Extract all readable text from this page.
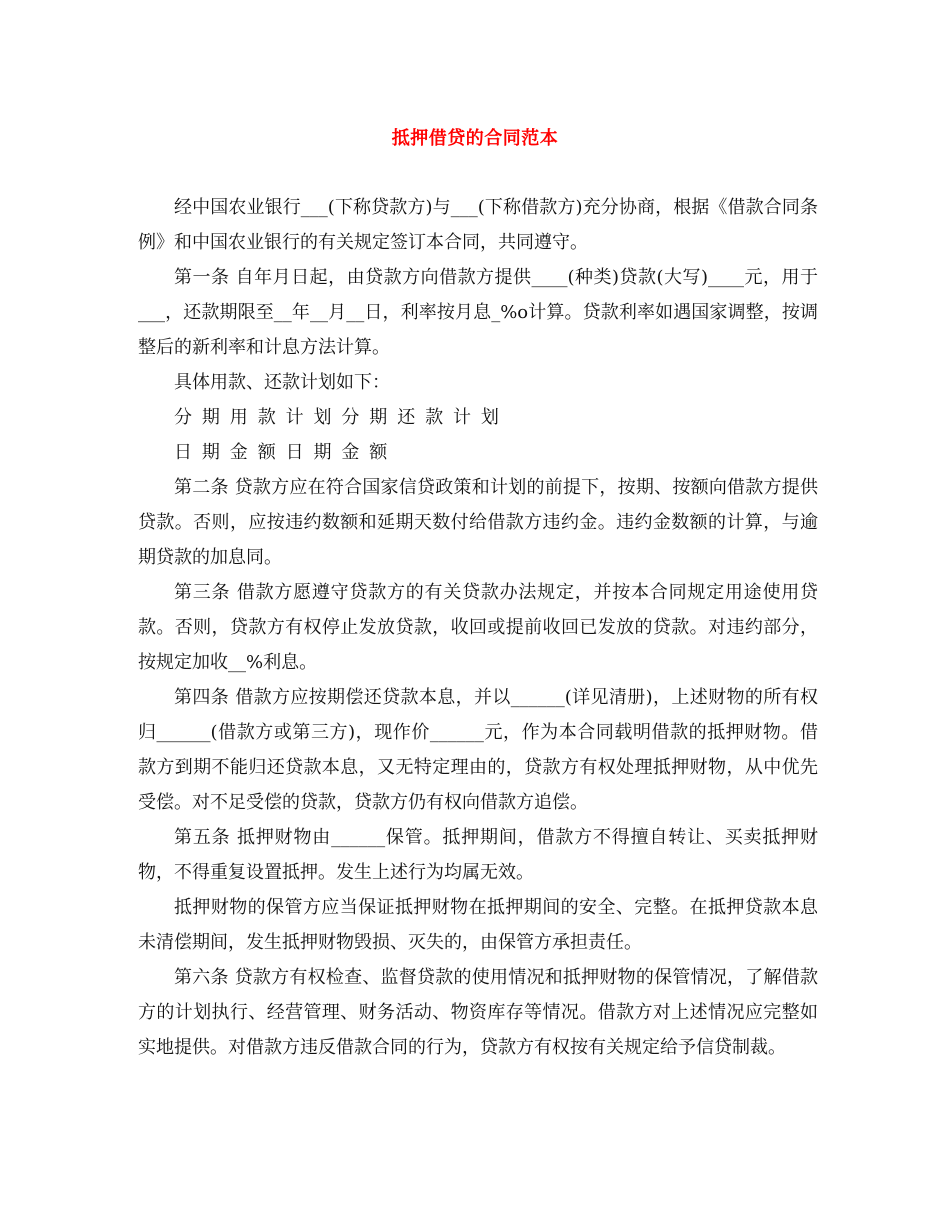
抵押借贷的合同范本

经中国农业银行___(下称贷款方)与___(下称借款方)充分协商，根据《借款合同条例》和中国农业银行的有关规定签订本合同，共同遵守。

第一条 自年月日起，由贷款方向借款方提供____(种类)贷款(大写)____元，用于___，还款期限至__年__月__日，利率按月息_%o计算。贷款利率如遇国家调整，按调整后的新利率和计息方法计算。

具体用款、还款计划如下：

分期用款计划分期还款计划

日期金额日期金额

第二条 贷款方应在符合国家信贷政策和计划的前提下，按期、按额向借款方提供贷款。否则，应按违约数额和延期天数付给借款方违约金。违约金数额的计算，与逾期贷款的加息同。

第三条 借款方愿遵守贷款方的有关贷款办法规定，并按本合同规定用途使用贷款。否则，贷款方有权停止发放贷款，收回或提前收回已发放的贷款。对违约部分，按规定加收__%利息。

第四条 借款方应按期偿还贷款本息，并以______(详见清册)，上述财物的所有权归______(借款方或第三方)，现作价______元，作为本合同载明借款的抵押财物。借款方到期不能归还贷款本息，又无特定理由的，贷款方有权处理抵押财物，从中优先受偿。对不足受偿的贷款，贷款方仍有权向借款方追偿。

第五条 抵押财物由______保管。抵押期间，借款方不得擅自转让、买卖抵押财物，不得重复设置抵押。发生上述行为均属无效。

抵押财物的保管方应当保证抵押财物在抵押期间的安全、完整。在抵押贷款本息未清偿期间，发生抵押财物毁损、灭失的，由保管方承担责任。

第六条 贷款方有权检查、监督贷款的使用情况和抵押财物的保管情况，了解借款方的计划执行、经营管理、财务活动、物资库存等情况。借款方对上述情况应完整如实地提供。对借款方违反借款合同的行为，贷款方有权按有关规定给予信贷制裁。
